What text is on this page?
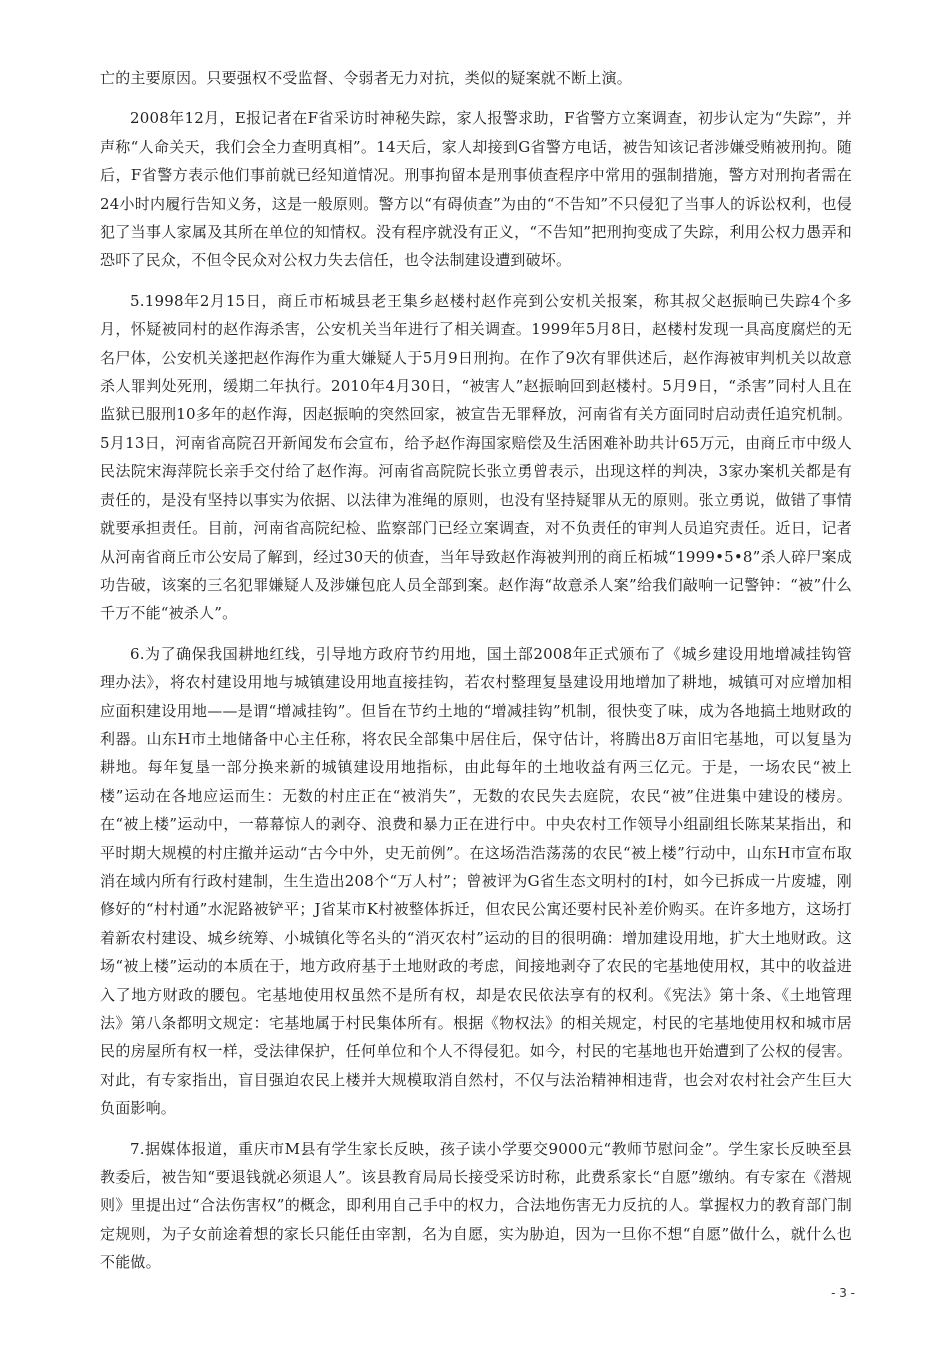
亡的主要原因。只要强权不受监督、令弱者无力对抗，类似的疑案就不断上演。

2008年12月，E报记者在F省采访时神秘失踪，家人报警求助，F省警方立案调查，初步认定为“失踪”，并声称“人命关天，我们会全力查明真相”。14天后，家人却接到G省警方电话，被告知该记者涉嫌受贿被刑拘。随后，F省警方表示他们事前就已经知道情况。刑事拘留本是刑事侦查程序中常用的强制措施，警方对刑拘者需在24小时内履行告知义务，这是一般原则。警方以“有碍侦查”为由的“不告知”不只侵犯了当事人的诉讼权利，也侵犯了当事人家属及其所在单位的知情权。没有程序就没有正义，“不告知”把刑拘变成了失踪，利用公权力愚弄和恐吓了民众，不但令民众对公权力失去信任，也令法制建设遭到破坏。

5.1998年2月15日，商丘市柘城县老王集乡赵楼村赵作亮到公安机关报案，称其叔父赵振晌已失踪4个多月，怀疑被同村的赵作海杀害，公安机关当年进行了相关调查。1999年5月8日，赵楼村发现一具高度腐烂的无名尸体，公安机关遂把赵作海作为重大嫌疑人于5月9日刑拘。在作了9次有罪供述后，赵作海被审判机关以故意杀人罪判处死刑，缓期二年执行。2010年4月30日，“被害人”赵振晌回到赵楼村。5月9日，“杀害”同村人且在监狱已服刑10多年的赵作海，因赵振晌的突然回家，被宣告无罪释放，河南省有关方面同时启动责任追究机制。5月13日，河南省高院召开新闻发布会宣布，给予赵作海国家赔偿及生活困难补助共计65万元，由商丘市中级人民法院宋海萍院长亲手交付给了赵作海。河南省高院院长张立勇曾表示，出现这样的判决，3家办案机关都是有责任的，是没有坚持以事实为依据、以法律为准绳的原则，也没有坚持疑罪从无的原则。张立勇说，做错了事情就要承担责任。目前，河南省高院纪检、监察部门已经立案调查，对不负责任的审判人员追究责任。近日，记者从河南省商丘市公安局了解到，经过30天的侦查，当年导致赵作海被判刑的商丘柘城“1999•5•8”杀人碎尸案成功告破，该案的三名犯罪嫌疑人及涉嫌包庇人员全部到案。赵作海“故意杀人案”给我们敲响一记警钟：“被”什么千万不能“被杀人”。

6.为了确保我国耕地红线，引导地方政府节约用地，国土部2008年正式颁布了《城乡建设用地增减挂钩管理办法》，将农村建设用地与城镇建设用地直接挂钩，若农村整理复垦建设用地增加了耕地，城镇可对应增加相应面积建设用地——是谓“增减挂钩”。但旨在节约土地的“增减挂钩”机制，很快变了味，成为各地搞土地财政的利器。山东H市土地储备中心主任称，将农民全部集中居住后，保守估计，将腾出8万亩旧宅基地，可以复垦为耕地。每年复垦一部分换来新的城镇建设用地指标，由此每年的土地收益有两三亿元。于是，一场农民“被上楼”运动在各地应运而生：无数的村庄正在“被消失”，无数的农民失去庭院，农民“被”住进集中建设的楼房。在“被上楼”运动中，一幕幕惊人的剥夺、浪费和暴力正在进行中。中央农村工作领导小组副组长陈某某指出，和平时期大规模的村庄撤并运动“古今中外，史无前例”。在这场浩浩荡荡的农民“被上楼”行动中，山东H市宣布取消在域内所有行政村建制，生生造出208个“万人村”；曾被评为G省生态文明村的I村，如今已拆成一片废墟，刚修好的“村村通”水泥路被铲平；J省某市K村被整体拆迁，但农民公寓还要村民补差价购买。在许多地方，这场打着新农村建设、城乡统筹、小城镇化等名头的“消灭农村”运动的目的很明确：增加建设用地，扩大土地财政。这场“被上楼”运动的本质在于，地方政府基于土地财政的考虑，间接地剥夺了农民的宅基地使用权，其中的收益进入了地方财政的腰包。宅基地使用权虽然不是所有权，却是农民依法享有的权利。《宪法》第十条、《土地管理法》第八条都明文规定：宅基地属于村民集体所有。根据《物权法》的相关规定，村民的宅基地使用权和城市居民的房屋所有权一样，受法律保护，任何单位和个人不得侵犯。如今，村民的宅基地也开始遭到了公权的侵害。对此，有专家指出，盲目强迫农民上楼并大规模取消自然村，不仅与法治精神相违背，也会对农村社会产生巨大负面影响。

7.据媒体报道，重庆市M县有学生家长反映，孩子读小学要交9000元“教师节慰问金”。学生家长反映至县教委后，被告知“要退钱就必须退人”。该县教育局局长接受采访时称，此费系家长“自愿”缴纳。有专家在《潜规则》里提出过“合法伤害权”的概念，即利用自己手中的权力，合法地伤害无力反抗的人。掌握权力的教育部门制定规则，为子女前途着想的家长只能任由宰割，名为自愿，实为胁迫，因为一旦你不想“自愿”做什么，就什么也不能做。

- 3 -
